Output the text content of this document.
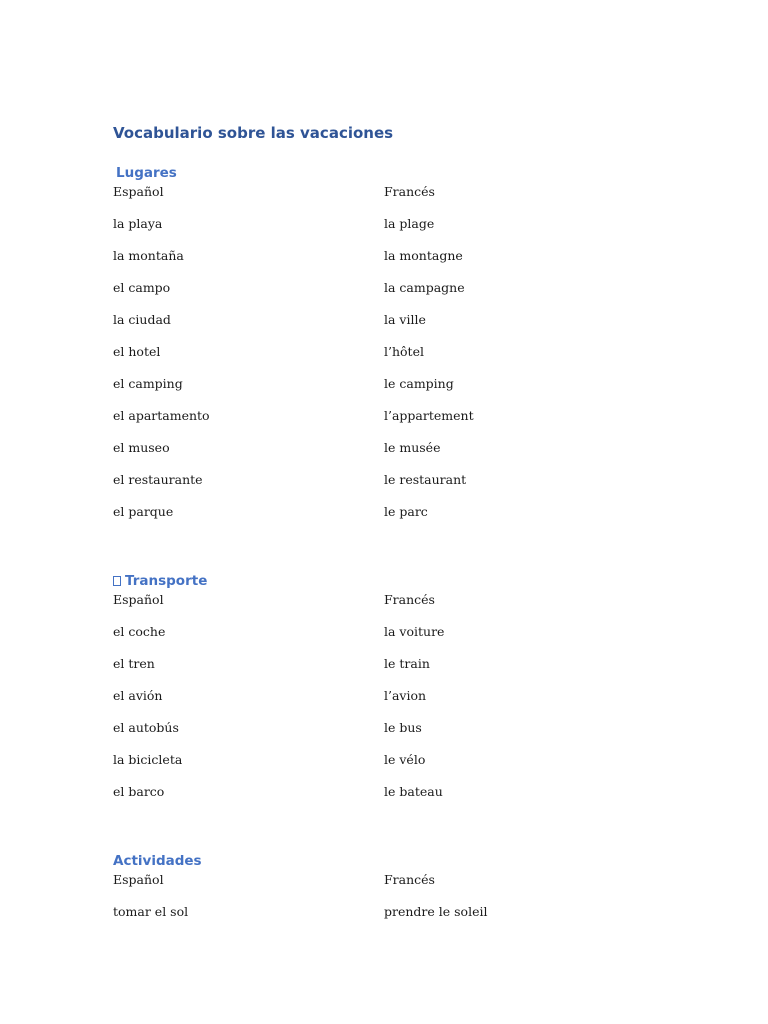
Vocabulario sobre las vacaciones
Lugares
Español	Francés
la playa	la plage
la montaña	la montagne
el campo	la campagne
la ciudad	la ville
el hotel	l’hôtel
el camping	le camping
el apartamento	l’appartement
el museo	le musée
el restaurante	le restaurant
el parque	le parc
Transporte
Español	Francés
el coche	la voiture
el tren	le train
el avión	l’avion
el autobús	le bus
la bicicleta	le vélo
el barco	le bateau
Actividades
Español	Francés
tomar el sol	prendre le soleil
